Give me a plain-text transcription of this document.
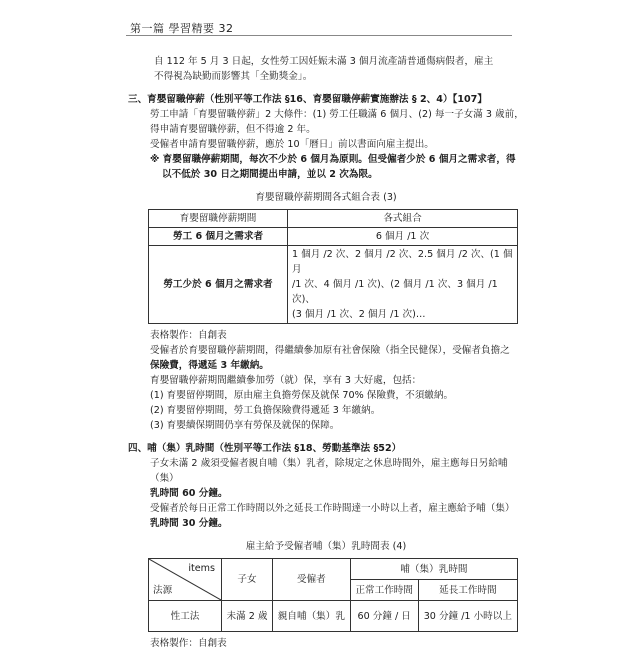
第一篇 學習精要 32

自 112 年 5 月 3 日起，女性勞工因妊娠未滿 3 個月流產請普通傷病假者，雇主

不得視為缺勤而影響其「全勤獎金」。

三、育嬰留職停薪（性別平等工作法 §16、育嬰留職停薪實施辦法 § 2、4）【107】

勞工申請「育嬰留職停薪」2 大條件：(1) 勞工任職滿 6 個月、(2) 每一子女滿 3 歲前，

得申請育嬰留職停薪，但不得逾 2 年。

受僱者申請育嬰留職停薪，應於 10「曆日」前以書面向雇主提出。

※ 育嬰留職停薪期間，每次不少於 6 個月為原則。但受僱者少於 6 個月之需求者，得

以不低於 30 日之期間提出申請，並以 2 次為限。

育嬰留職停薪期間各式組合表 (3)
育嬰留職停薪期間	各式組合
勞工 6 個月之需求者	6 個月 /1 次
勞工少於 6 個月之需求者	1 個月 /2 次、2 個月 /2 次、2.5 個月 /2 次、(1 個月
/1 次、4 個月 /1 次)、(2 個月 /1 次、3 個月 /1 次)、
(3 個月 /1 次、2 個月 /1 次)…

表格製作：自創表

受僱者於育嬰留職停薪期間，得繼續參加原有社會保險（指全民健保），受僱者負擔之

保險費，得遞延 3 年繳納。

育嬰留職停薪期間繼續參加勞（就）保，享有 3 大好處，包括：

(1) 育嬰留停期間，原由雇主負擔勞保及就保 70% 保險費，不須繳納。

(2) 育嬰留停期間，勞工負擔保險費得遞延 3 年繳納。

(3) 育嬰續保期間仍享有勞保及就保的保障。

四、哺（集）乳時間（性別平等工作法 §18、勞動基準法 §52）

子女未滿 2 歲須受僱者親自哺（集）乳者，除規定之休息時間外，雇主應每日另給哺（集）

乳時間 60 分鐘。

受僱者於每日正常工作時間以外之延長工作時間達一小時以上者，雇主應給予哺（集）

乳時間 30 分鐘。

雇主給予受僱者哺（集）乳時間表 (4)
items
法源	子女	受僱者	哺（集）乳時間	
			正常工作時間	延長工作時間
性工法	未滿 2 歲	親自哺（集）乳	60 分鐘 / 日	30 分鐘 /1 小時以上

表格製作：自創表
